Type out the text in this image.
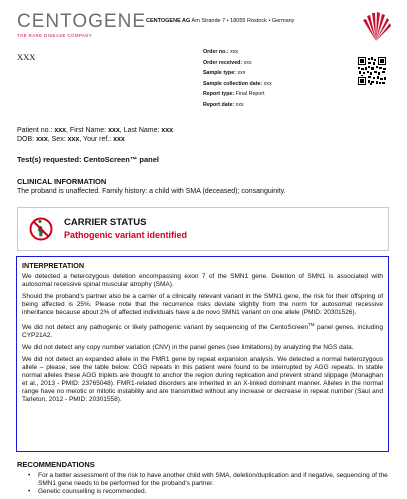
CENTOGENE
THE RARE DISEASE COMPANY
CENTOGENE AG Am Strande 7 • 18055 Rostock • Germany
XXX	Order no.: xxx
Order received: xxx
Sample type: xxx
Sample collection date: xxx
Report type: Final Report
Report date: xxx
Patient no.: xxx, First Name: xxx, Last Name: xxx
DOB: xxx, Sex: xxx, Your ref.: xxx
Test(s) requested: CentoScreen™ panel
CLINICAL INFORMATION
The proband is unaffected. Family history: a child with SMA (deceased); consanguinity.
CARRIER STATUS
Pathogenic variant identified
INTERPRETATION

We detected a heterozygous deletion encompassing exon 7 of the SMN1 gene. Deletion of SMN1 is associated with autosomal recessive spinal muscular atrophy (SMA).

Should the proband's partner also be a carrier of a clinically relevant variant in the SMN1 gene, the risk for their offspring of being affected is 25%. Please note that the recurrence risks deviate slightly from the norm for autosomal recessive inheritance because about 2% of affected individuals have a de novo SMN1 variant on one allele (PMID: 20301526).

We did not detect any pathogenic or likely pathogenic variant by sequencing of the CentoScreen™ panel genes, including CYP21A2.

We did not detect any copy number variation (CNV) in the panel genes (see limitations) by analyzing the NGS data.

We did not detect an expanded allele in the FMR1 gene by repeat expansion analysis. We detected a normal heterozygous allele – please, see the table below. CGG repeats in this patient were found to be interrupted by AGG repeats. In stable normal alleles these AGG triplets are thought to anchor the region during replication and prevent strand slippage (Monaghan et al., 2013 - PMID: 23765048). FMR1-related disorders are inherited in an X-linked dominant manner. Alleles in the normal range have no meiotic or mitotic instability and are transmitted without any increase or decrease in repeat number (Saul and Tarleton, 2012 - PMID: 20301558).

RECOMMENDATIONS
• For a better assessment of the risk to have another child with SMA, deletion/duplication and if negative, sequencing of the SMN1 gene needs to be performed for the proband's partner.
• Genetic counselling is recommended.
